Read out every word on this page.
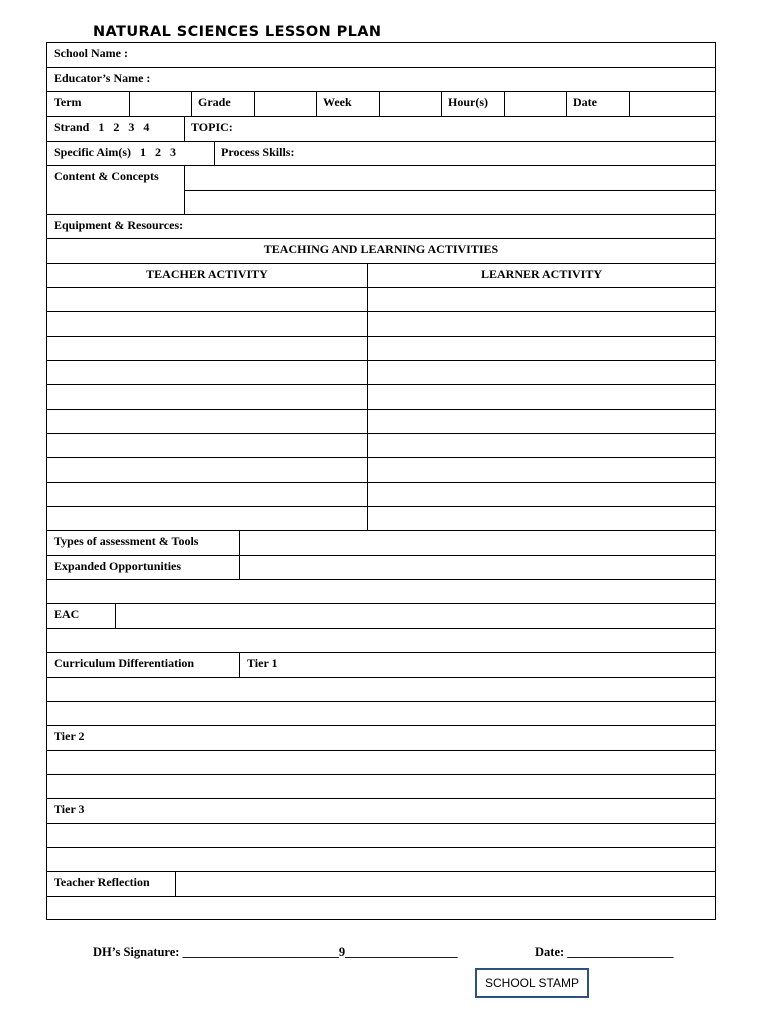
NATURAL SCIENCES LESSON PLAN
School Name :
Educator’s Name :
Term	Grade	Week	Hour(s)	Date
Strand   1   2   3   4	TOPIC:
Specific Aim(s)   1   2   3	Process Skills:
Content & Concepts
Equipment & Resources:
TEACHING AND LEARNING ACTIVITIES
TEACHER ACTIVITY	LEARNER ACTIVITY
Types of assessment & Tools
Expanded Opportunities
EAC
Curriculum Differentiation	Tier 1
Tier 2
Tier 3
Teacher Reflection
DH’s Signature: _________________________9__________________	Date: _________________
SCHOOL STAMP
